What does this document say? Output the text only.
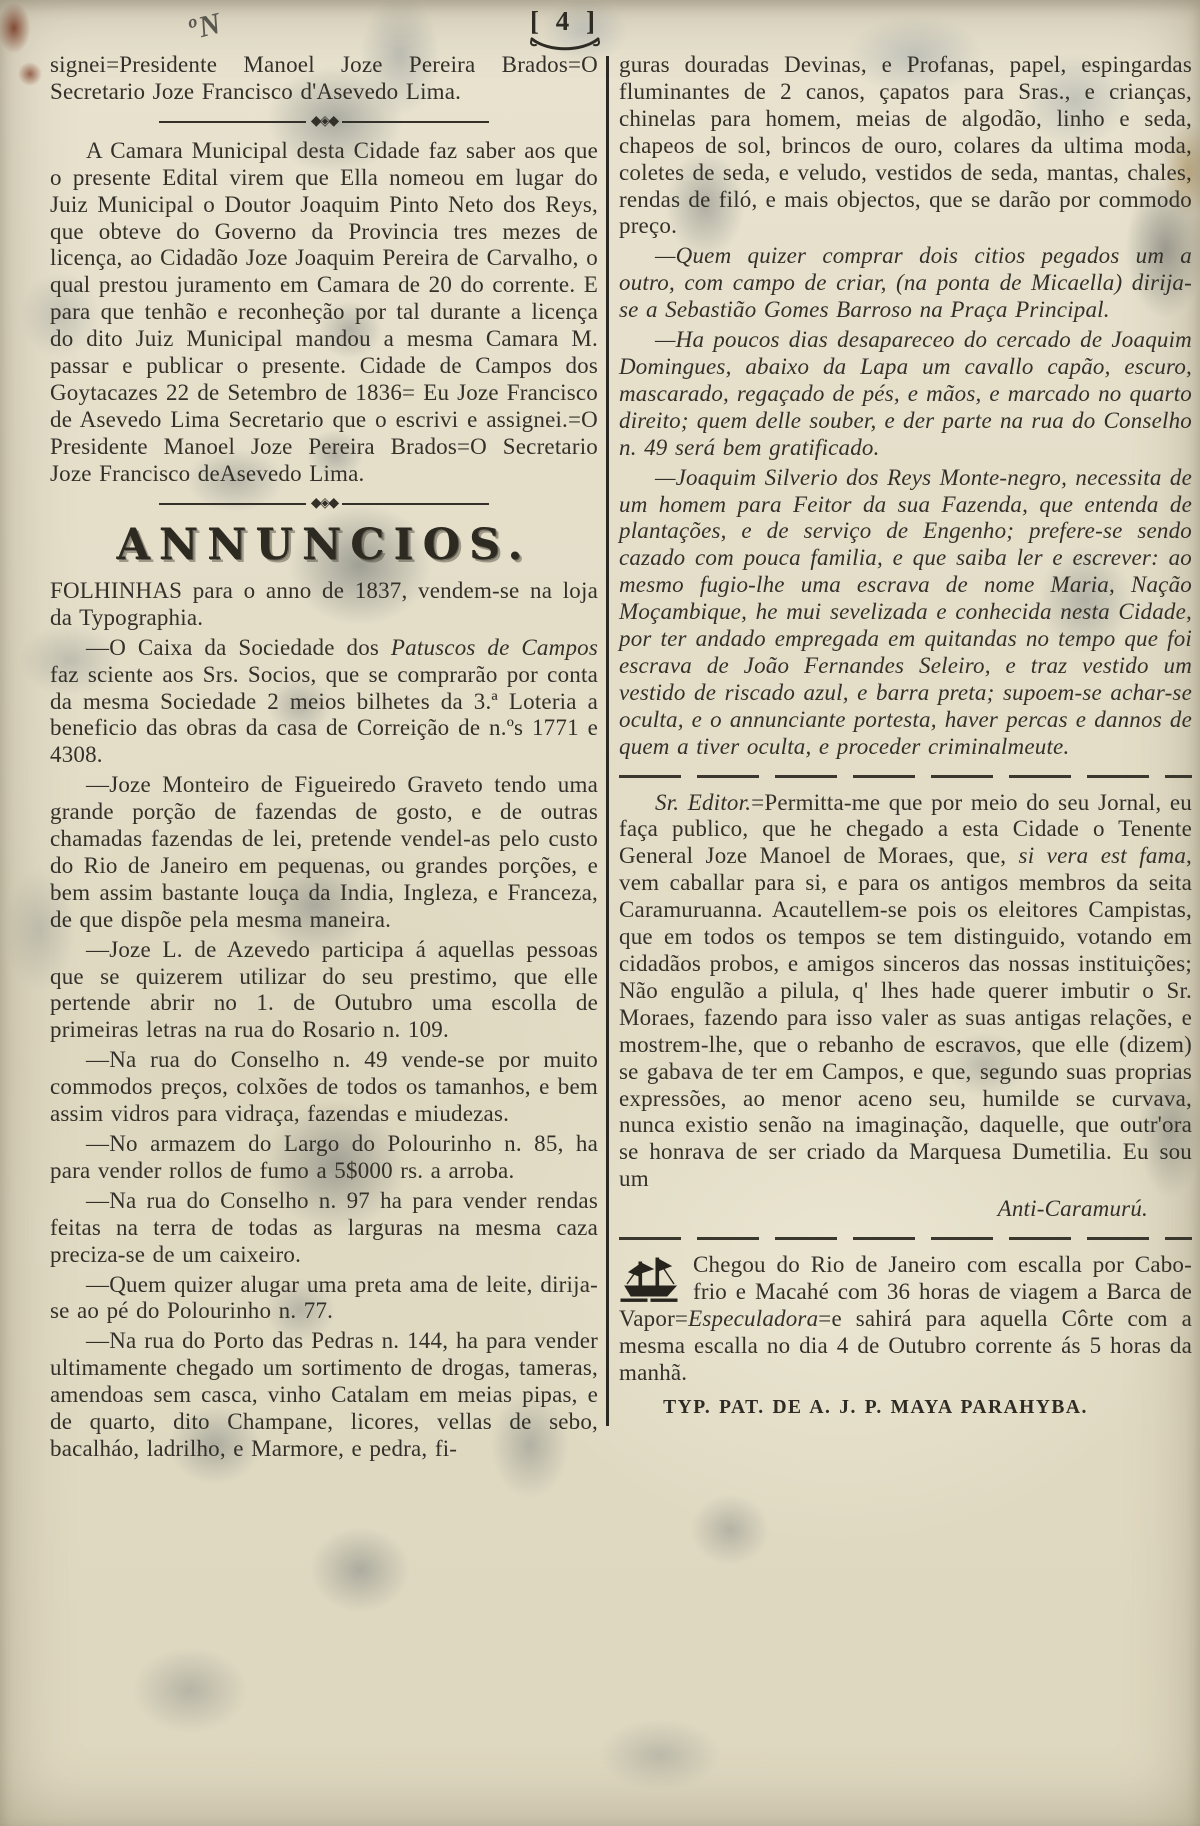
ºN	[ 4 ]

signei=Presidente Manoel Joze Pereira Brados=O Secretario Joze Francisco d'Asevedo Lima.

◆◈◆

A Camara Municipal desta Cidade faz saber aos que o presente Edital virem que Ella nomeou em lugar do Juiz Municipal o Doutor Joaquim Pinto Neto dos Reys, que obteve do Governo da Provincia tres mezes de licença, ao Cidadão Joze Joaquim Pereira de Carvalho, o qual prestou juramento em Camara de 20 do corrente. E para que tenhão e reconheção por tal durante a licença do dito Juiz Municipal mandou a mesma Camara M. passar e publicar o presente. Cidade de Campos dos Goytacazes 22 de Setembro de 1836= Eu Joze Francisco de Asevedo Lima Secretario que o escrivi e assignei.=O Presidente Manoel Joze Pereira Brados=O Secretario Joze Francisco deAsevedo Lima.

◆◈◆
ANNUNCIOS.

FOLHINHAS para o anno de 1837, vendem-se na loja da Typographia.

—O Caixa da Sociedade dos Patuscos de Campos faz sciente aos Srs. Socios, que se comprarão por conta da mesma Sociedade 2 meios bilhetes da 3.ª Loteria a beneficio das obras da casa de Correição de n.ºs 1771 e 4308.

—Joze Monteiro de Figueiredo Graveto tendo uma grande porção de fazendas de gosto, e de outras chamadas fazendas de lei, pretende vendel-as pelo custo do Rio de Janeiro em pequenas, ou grandes porções, e bem assim bastante louça da India, Ingleza, e Franceza, de que dispõe pela mesma maneira.

—Joze L. de Azevedo participa á aquellas pessoas que se quizerem utilizar do seu prestimo, que elle pertende abrir no 1. de Outubro uma escolla de primeiras letras na rua do Rosario n. 109.

—Na rua do Conselho n. 49 vende-se por muito commodos preços, colxões de todos os tamanhos, e bem assim vidros para vidraça, fazendas e miudezas.

—No armazem do Largo do Polourinho n. 85, ha para vender rollos de fumo a 5$000 rs. a arroba.

—Na rua do Conselho n. 97 ha para vender rendas feitas na terra de todas as larguras na mesma caza preciza-se de um caixeiro.

—Quem quizer alugar uma preta ama de leite, dirija-se ao pé do Polourinho n. 77.

—Na rua do Porto das Pedras n. 144, ha para vender ultimamente chegado um sortimento de drogas, tameras, amendoas sem casca, vinho Catalam em meias pipas, e de quarto, dito Champane, licores, vellas de sebo, bacalháo, ladrilho, e Marmore, e pedra, fi-

guras douradas Devinas, e Profanas, papel, espingardas fluminantes de 2 canos, çapatos para Sras., e crianças, chinelas para homem, meias de algodão, linho e seda, chapeos de sol, brincos de ouro, colares da ultima moda, coletes de seda, e veludo, vestidos de seda, mantas, chales, rendas de filó, e mais objectos, que se darão por commodo preço.

—Quem quizer comprar dois citios pegados um a outro, com campo de criar, (na ponta de Micaella) dirija-se a Sebastião Gomes Barroso na Praça Principal.

—Ha poucos dias desapareceo do cercado de Joaquim Domingues, abaixo da Lapa um cavallo capão, escuro, mascarado, regaçado de pés, e mãos, e marcado no quarto direito; quem delle souber, e der parte na rua do Conselho n. 49 será bem gratificado.

—Joaquim Silverio dos Reys Monte-negro, necessita de um homem para Feitor da sua Fazenda, que entenda de plantações, e de serviço de Engenho; prefere-se sendo cazado com pouca familia, e que saiba ler e escrever: ao mesmo fugio-lhe uma escrava de nome Maria, Nação Moçambique, he mui sevelizada e conhecida nesta Cidade, por ter andado empregada em quitandas no tempo que foi escrava de João Fernandes Seleiro, e traz vestido um vestido de riscado azul, e barra preta; supoem-se achar-se oculta, e o annunciante portesta, haver percas e dannos de quem a tiver oculta, e proceder criminalmeute.

Sr. Editor.=Permitta-me que por meio do seu Jornal, eu faça publico, que he chegado a esta Cidade o Tenente General Joze Manoel de Moraes, que, si vera est fama, vem caballar para si, e para os antigos membros da seita Caramuruanna. Acautellem-se pois os eleitores Campistas, que em todos os tempos se tem distinguido, votando em cidadãos probos, e amigos sinceros das nossas instituições; Não engulão a pilula, q' lhes hade querer imbutir o Sr. Moraes, fazendo para isso valer as suas antigas relações, e mostrem-lhe, que o rebanho de escravos, que elle (dizem) se gabava de ter em Campos, e que, segundo suas proprias expressões, ao menor aceno seu, humilde se curvava, nunca existio senão na imaginação, daquelle, que outr'ora se honrava de ser criado da Marquesa Dumetilia. Eu sou um

Anti-Caramurú.

Chegou do Rio de Janeiro com escalla por Cabo-frio e Macahé com 36 horas de viagem a Barca de Vapor=Especuladora=e sahirá para aquella Côrte com a mesma escalla no dia 4 de Outubro corrente ás 5 horas da manhã.

TYP. PAT. DE A. J. P. MAYA PARAHYBA.
